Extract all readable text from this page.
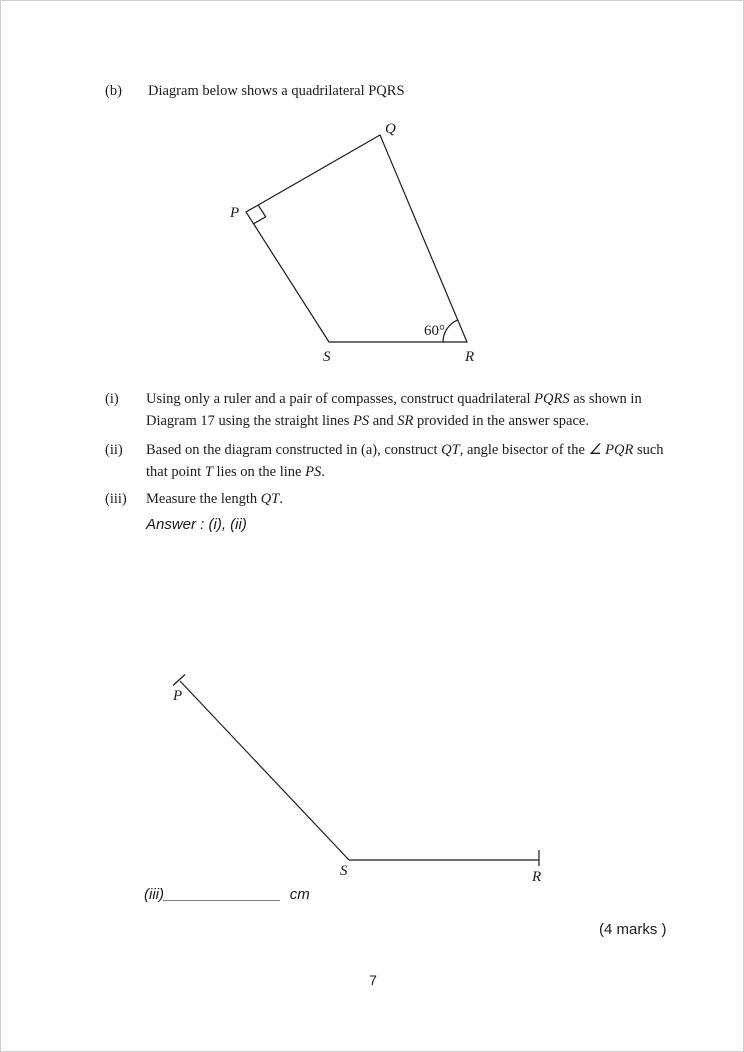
(b) Diagram below shows a quadrilateral PQRS
Q
P
S	R
60°
P
S	R
(i) Using only a ruler and a pair of compasses, construct quadrilateral PQRS as shown in Diagram 17 using the straight lines PS and SR provided in the answer space.
(ii) Based on the diagram constructed in (a), construct QT, angle bisector of the ∠ PQR such that point T lies on the line PS.
(iii) Measure the length QT.
Answer : (i), (ii)
(iii)______________ cm
(4 marks )
7
